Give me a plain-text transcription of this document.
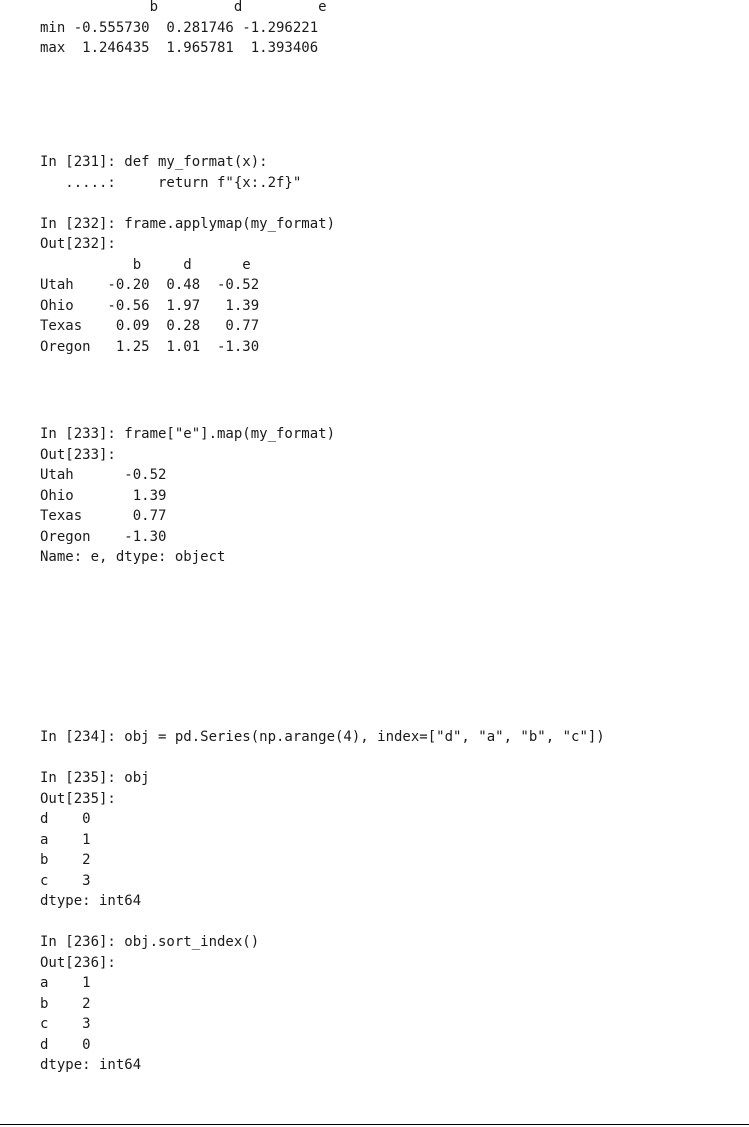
b         d         e
min -0.555730  0.281746 -1.296221
max  1.246435  1.965781  1.393406
In [231]: def my_format(x):
.....:     return f"{x:.2f}"
In [232]: frame.applymap(my_format)
Out[232]:
b     d      e
Utah    -0.20  0.48  -0.52
Ohio    -0.56  1.97   1.39
Texas    0.09  0.28   0.77
Oregon   1.25  1.01  -1.30
In [233]: frame["e"].map(my_format)
Out[233]:
Utah      -0.52
Ohio       1.39
Texas      0.77
Oregon    -1.30
Name: e, dtype: object
In [234]: obj = pd.Series(np.arange(4), index=["d", "a", "b", "c"])
In [235]: obj
Out[235]:
d    0
a    1
b    2
c    3
dtype: int64
In [236]: obj.sort_index()
Out[236]:
a    1
b    2
c    3
d    0
dtype: int64
